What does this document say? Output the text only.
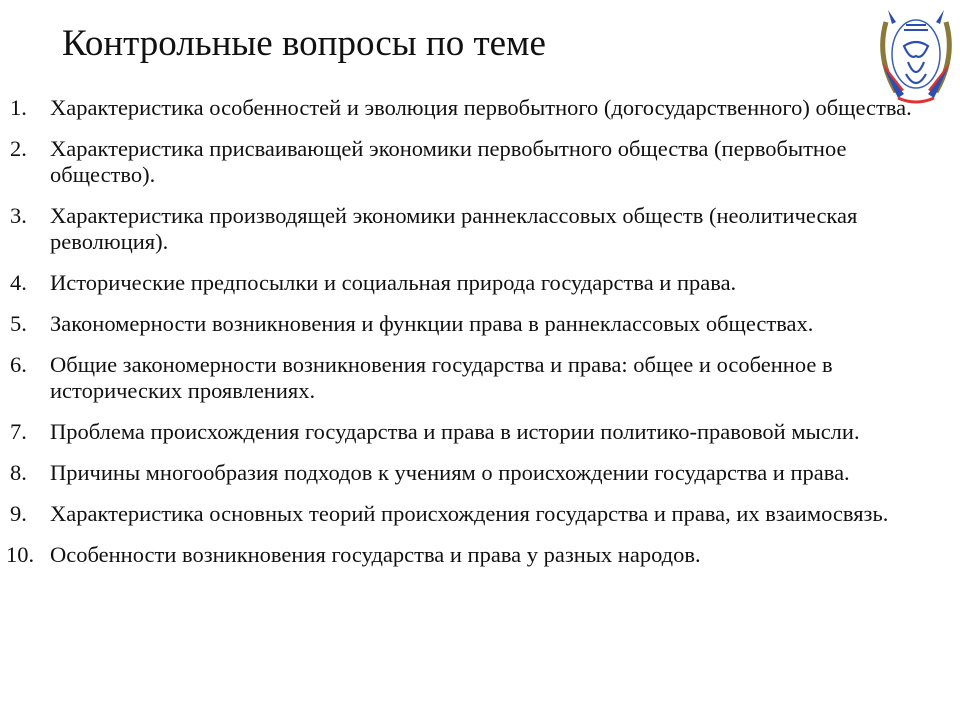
Контрольные вопросы по теме
1. Характеристика особенностей и эволюция первобытного (догосударственного) общества.
2. Характеристика присваивающей экономики первобытного общества (первобытное общество).
3. Характеристика производящей экономики раннеклассовых обществ (неолитическая революция).
4. Исторические предпосылки и социальная природа государства и права.
5. Закономерности возникновения и функции права в раннеклассовых обществах.
6. Общие закономерности возникновения государства и права: общее и особенное в исторических проявлениях.
7. Проблема происхождения государства и права в истории политико-правовой мысли.
8. Причины многообразия подходов к учениям о происхождении государства и права.
9. Характеристика основных теорий происхождения государства и права, их взаимосвязь.
10. Особенности возникновения государства и права у разных народов.
